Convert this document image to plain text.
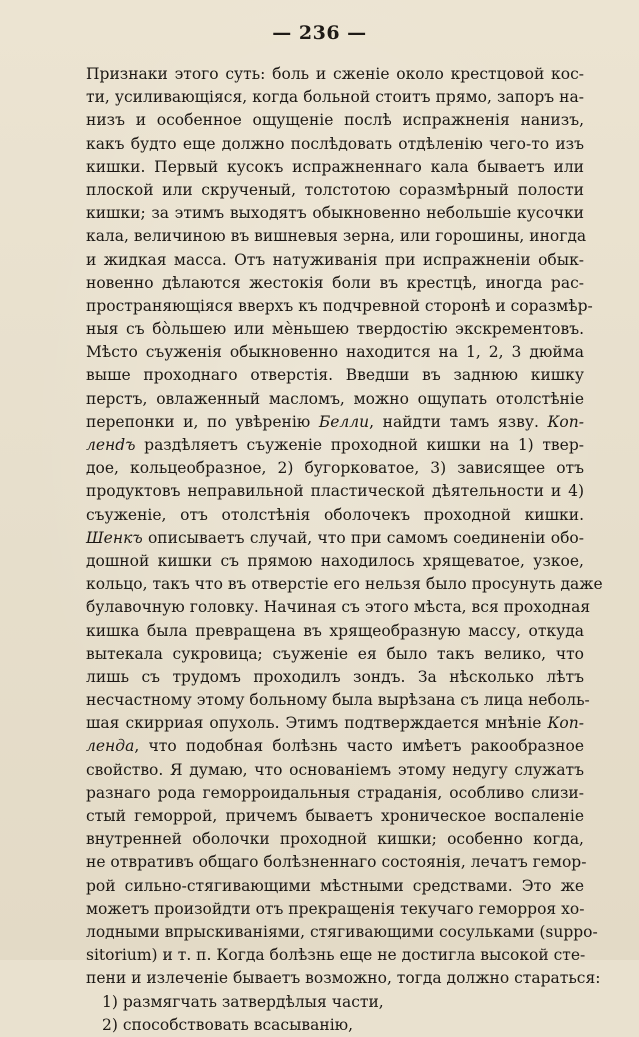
— 236 —
Признаки этого суть: боль и сженіе около крестцовой кос-
ти, усиливающіяся, когда больной стоитъ прямо, запоръ на-
низъ и особенное ощущеніе послѣ испражненія нанизъ,
какъ будто еще должно послѣдовать отдѣленію чего-то изъ
кишки. Первый кусокъ испражненнаго кала бываетъ или
плоской или скрученый, толстотою соразмѣрный полости
кишки; за этимъ выходятъ обыкновенно небольшіе кусочки
кала, величиною въ вишневыя зерна, или горошины, иногда
и жидкая масса. Отъ натуживанія при испражненіи обык-
новенно дѣлаются жестокія боли въ крестцѣ, иногда рас-
пространяющіяся вверхъ къ подчревной сторонѣ и соразмѣр-
ныя съ бо̀льшею или мѐньшею твердостію экскрементовъ.
Мѣсто съуженія обыкновенно находится на 1, 2, 3 дюйма
выше проходнаго отверстія. Введши въ заднюю кишку
перстъ, овлаженный масломъ, можно ощупать отолстѣніе
перепонки и, по увѣренію Белли, найдти тамъ язву. Коп-
ленdъ раздѣляетъ съуженіе проходной кишки на 1) твер-
дое, кольцеобразное, 2) бугорковатое, 3) зависящее отъ
продуктовъ неправильной пластической дѣятельности и 4)
съуженіе, отъ отолстѣнія оболочекъ проходной кишки.
Шенкъ описываетъ случай, что при самомъ соединеніи обо-
дошной кишки съ прямою находилось хрящеватое, узкое,
кольцо, такъ что въ отверстіе его нельзя было просунуть даже
булавочную головку. Начиная съ этого мѣста, вся проходная
кишка была превращена въ хрящеобразную массу, откуда
вытекала сукровица; съуженіе ея было такъ велико, что
лишь съ трудомъ проходилъ зондъ. За нѣсколько лѣтъ
несчастному этому больному была вырѣзана съ лица неболь-
шая скирриая опухоль. Этимъ подтверждается мнѣніе Коп-
ленда, что подобная болѣзнь часто имѣетъ ракообразное
свойство. Я думаю, что основаніемъ этому недугу служатъ
разнаго рода геморроидальныя страданія, особливо слизи-
стый геморрой, причемъ бываетъ хроническое воспаленіе
внутренней оболочки проходной кишки; особенно когда,
не отвративъ общаго болѣзненнаго состоянія, лечатъ гемор-
рой сильно-стягивающими мѣстными средствами. Это же
можетъ произойдти отъ прекращенія текучаго геморроя хо-
лодными впрыскиваніями, стягивающими сосульками (suppo-
sitorium) и т. п. Когда болѣзнь еще не достигла высокой сте-
пени и излеченіе бываетъ возможно, тогда должно стараться:
1) размягчать затвердѣлыя части,
2) способствовать всасыванію,
